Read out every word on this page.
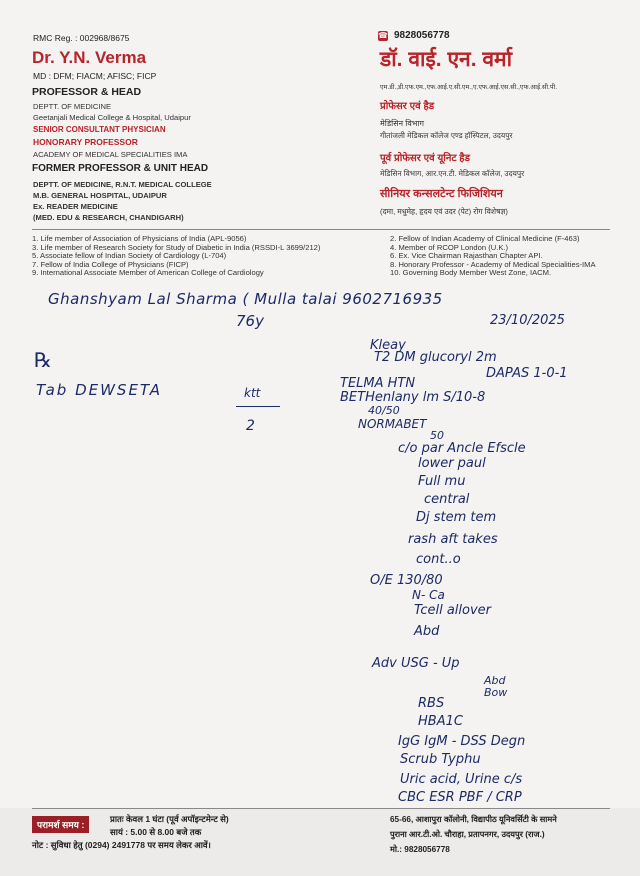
RMC Reg. : 002968/8675
Dr. Y.N. Verma
MD : DFM; FIACM; AFISC; FICP
PROFESSOR & HEAD
DEPTT. OF MEDICINE
Geetanjali Medical College & Hospital, Udaipur
SENIOR CONSULTANT PHYSICIAN
HONORARY PROFESSOR
ACADEMY OF MEDICAL SPECIALITIES IMA
FORMER PROFESSOR & UNIT HEAD
DEPTT. OF MEDICINE, R.N.T. MEDICAL COLLEGE
M.B. GENERAL HOSPITAL, UDAIPUR
Ex. READER MEDICINE
(MED. EDU & RESEARCH, CHANDIGARH)
☎ 9828056778
डॉ. वाई. एन. वर्मा
एम.डी.,डी.एफ.एम.,एफ.आई.ए.सी.एम.,ए.एफ.आई.एस.सी.,एफ.आई.सी.पी.
प्रोफेसर एवं हैड
मेडिसिन विभाग
गीतांजली मेडिकल कॉलेज एण्ड हॉस्पिटल, उदयपुर
पूर्व प्रोफेसर एवं यूनिट हैड
मेडिसिन विभाग, आर.एन.टी. मेडिकल कॉलेज, उदयपुर
सीनियर कन्सलटेन्ट फिजिशियन
(दमा, मधुमेह, हृदय एवं उदर (पेट) रोग विशेषज्ञ)
1. Life member of Association of Physicians of India (APL-9056)
3. Life member of Research Society for Study of Diabetic in India (RSSDI-L 3699/212)
5. Associate fellow of Indian Society of Cardiology (L-704)
7. Fellow of India College of Physicians (FICP)
9. International Associate Member of American College of Cardiology
2. Fellow of Indian Academy of Clinical Medicine (F-463)
4. Member of RCOP London (U.K.)
6. Ex. Vice Chairman Rajasthan Chapter API.
8. Honorary Professor - Academy of Medical Specialities-IMA
10. Governing Body Member West Zone, IACM.
Ghanshyam Lal Sharma ( Mulla talai 9602716935
76y	23/10/2025
℞
Tab DEWSETA	ktt
2
Kleay
T2 DM glucoryl 2m
DAPAS 1-0-1
TELMA HTN
BETHenlany lm S/10-8
40/50
NORMABET
50
c/o par Ancle Efscle
lower paul
Full mu
central
Dj stem tem
rash aft takes
cont..o
O/E 130/80
N- Ca
Tcell allover
Abd
Adv USG - Up
Abd
Bow
RBS
HBA1C
IgG IgM - DSS Degn
Scrub Typhu
Uric acid, Urine c/s
CBC ESR PBF / CRP
परामर्श समय :
प्रातः केवल 1 घंटा (पूर्व अपॉइन्टमेन्ट से)
सायं : 5.00 से 8.00 बजे तक
नोट : सुविधा हेतु (0294) 2491778 पर समय लेकर आवें।
65-66, आशापुरा कॉलोनी, विद्यापीठ यूनिवर्सिटी के सामने
पुराना आर.टी.ओ. चौराहा, प्रतापनगर, उदयपुर (राज.)
मो.: 9828056778
